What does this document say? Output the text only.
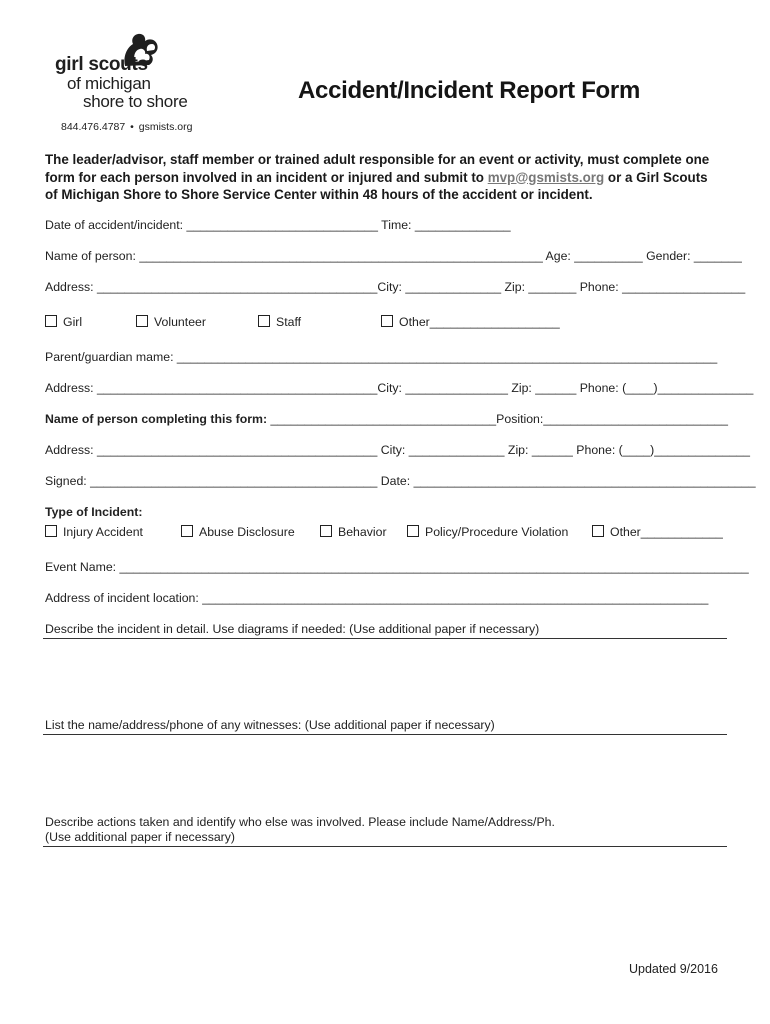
girl scouts
of michigan
shore to shore
844.476.4787 • gsmists.org
Accident/Incident Report Form
The leader/advisor, staff member or trained adult responsible for an event or activity, must complete one form for each person involved in an incident or injured and submit to mvp@gsmists.org or a Girl Scouts of Michigan Shore to Shore Service Center within 48 hours of the accident or incident.
Date of accident/incident: ____________________________ Time: ______________
Name of person: ___________________________________________________________ Age: __________ Gender: _______
Address: _________________________________________City: ______________ Zip: _______ Phone: __________________
Girl	Volunteer	Staff	Other___________________
Parent/guardian mame: _______________________________________________________________________________
Address: _________________________________________City: _______________ Zip: ______ Phone: (____)______________
Name of person completing this form: _________________________________Position:___________________________
Address: _________________________________________ City: ______________ Zip: ______ Phone: (____)______________
Signed: __________________________________________ Date: __________________________________________________
Type of Incident:
Injury Accident	Abuse Disclosure	Behavior	Policy/Procedure Violation	Other____________
Event Name: ____________________________________________________________________________________________
Address of incident location: __________________________________________________________________________
Describe the incident in detail. Use diagrams if needed: (Use additional paper if necessary)
List the name/address/phone of any witnesses: (Use additional paper if necessary)
Describe actions taken and identify who else was involved. Please include Name/Address/Ph.
(Use additional paper if necessary)
Updated 9/2016
